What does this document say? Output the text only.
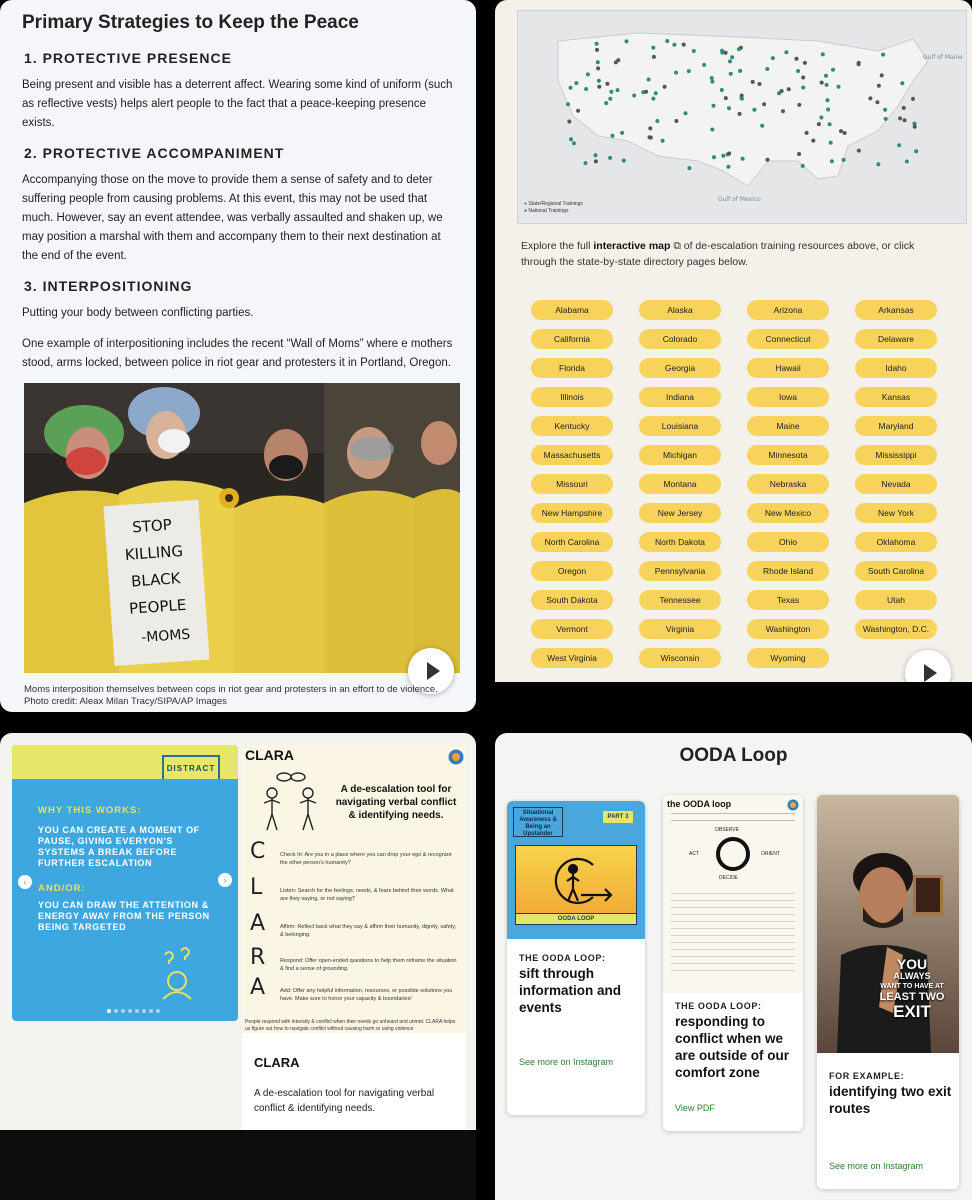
Primary Strategies to Keep the Peace
1. PROTECTIVE PRESENCE

Being present and visible has a deterrent affect. Wearing some kind of uniform (such as reflective vests) helps alert people to the fact that a peace-keeping presence exists.

2. PROTECTIVE ACCOMPANIMENT

Accompanying those on the move to provide them a sense of safety and to deter suffering people from causing problems. At this event, this may not be used that much. However, say an event attendee, was verbally assaulted and shaken up, we may position a marshal with them and accompany them to their next destination at the end of the event.

3. INTERPOSITIONING

Putting your body between conflicting parties.

One example of interpositioning includes the recent “Wall of Moms” where e mothers stood, arms locked, between police in riot gear and protesters it in Portland, Oregon.

STOP
KILLING
BLACK
PEOPLE
-MOMS
Moms interposition themselves between cops in riot gear and protesters in an effort to de violence. Photo credit: Aleax Milan Tracy/SIPA/AP Images
Gulf of Mexico
Gulf of Maine
● State/Regional Trainings
● National Trainings
Explore the full interactive map ⧉ of de-escalation training resources above, or click through the state-by-state directory pages below.
Alabama	Alaska	Arizona	Arkansas
California	Colorado	Connecticut	Delaware
Florida	Georgia	Hawaii	Idaho
Illinois	Indiana	Iowa	Kansas
Kentucky	Louisiana	Maine	Maryland
Massachusetts	Michigan	Minnesota	Mississippi
Missouri	Montana	Nebraska	Nevada
New Hampshire	New Jersey	New Mexico	New York
North Carolina	North Dakota	Ohio	Oklahoma
Oregon	Pennsylvania	Rhode Island	South Carolina
South Dakota	Tennessee	Texas	Utah
Vermont	Virginia	Washington	Washington, D.C.
West Virginia	Wisconsin	Wyoming
DISTRACT
WHY THIS WORKS:
YOU CAN CREATE A MOMENT OF PAUSE, GIVING EVERYON'S SYSTEMS A BREAK BEFORE FURTHER ESCALATION
AND/OR:
YOU CAN DRAW THE ATTENTION & ENERGY AWAY FROM THE PERSON BEING TARGETED
‹	›
CLARA
A de-escalation tool for navigating verbal conflict & identifying needs.
C	Check In: Are you in a place where you can drop your ego & recognize the other person's humanity?
L	Listen: Search for the feelings, needs, & fears behind their words. What are they saying, or not saying?
A	Affirm: Reflect back what they say & affirm their humanity, dignity, safety, & belonging.
R	Respond: Offer open-ended questions to help them reframe the situation & find a sense of grounding.
A	Add: Offer any helpful information, resources, or possible solutions you have. Make sure to honor your capacity & boundaries!
People respond with intensity & conflict when their needs go unheard and unmet. CLARA helps us figure out how to navigate conflict without causing harm or using violence
CLARA

A de-escalation tool for navigating verbal conflict & identifying needs.

OODA Loop
Situational Awareness & Being an Upstander
PART 3
OODA LOOP
THE OODA LOOP:
sift through information and events
See more on Instagram
the OODA loop
OBSERVE
ACT	ORIENT
DECIDE
THE OODA LOOP:
responding to conflict when we are outside of our comfort zone
View PDF
YOU
ALWAYS
WANT TO HAVE AT
LEAST TWO
EXIT
FOR EXAMPLE:
identifying two exit routes
See more on Instagram
